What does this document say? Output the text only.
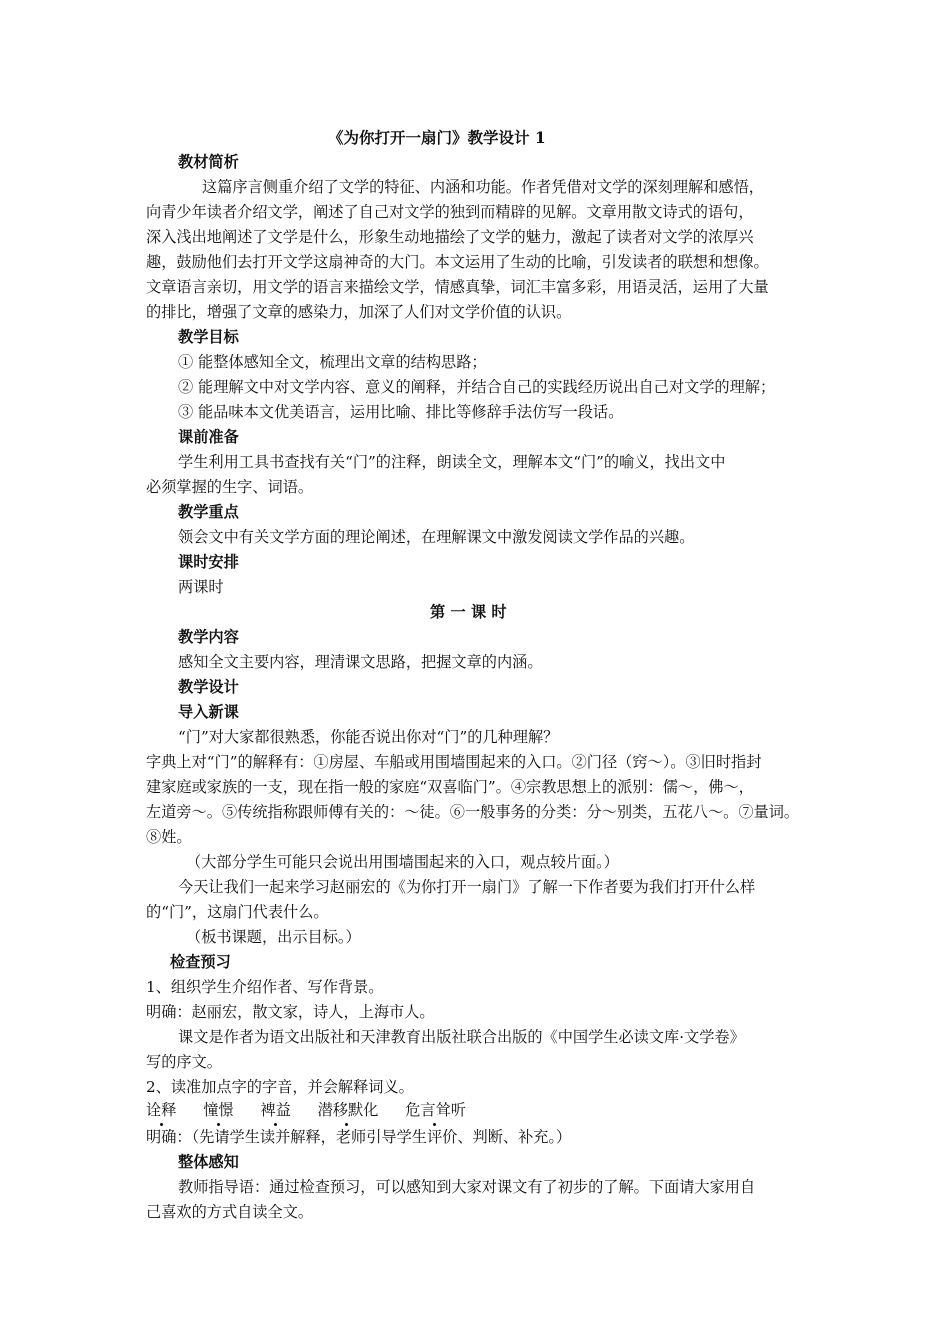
《为你打开一扇门》教学设计 1
教材简析
这篇序言侧重介绍了文学的特征、内涵和功能。作者凭借对文学的深刻理解和感悟，
向青少年读者介绍文学，阐述了自己对文学的独到而精辟的见解。文章用散文诗式的语句，
深入浅出地阐述了文学是什么，形象生动地描绘了文学的魅力，激起了读者对文学的浓厚兴
趣，鼓励他们去打开文学这扇神奇的大门。本文运用了生动的比喻，引发读者的联想和想像。
文章语言亲切，用文学的语言来描绘文学，情感真挚，词汇丰富多彩，用语灵活，运用了大量
的排比，增强了文章的感染力，加深了人们对文学价值的认识。
教学目标
① 能整体感知全文，梳理出文章的结构思路；
② 能理解文中对文学内容、意义的阐释，并结合自己的实践经历说出自己对文学的理解；
③ 能品味本文优美语言，运用比喻、排比等修辞手法仿写一段话。
课前准备
学生利用工具书查找有关“门”的注释，朗读全文，理解本文“门”的喻义，找出文中
必须掌握的生字、词语。
教学重点
领会文中有关文学方面的理论阐述，在理解课文中激发阅读文学作品的兴趣。
课时安排
两课时
第 一 课 时
教学内容
感知全文主要内容，理清课文思路，把握文章的内涵。
教学设计
导入新课
“门”对大家都很熟悉，你能否说出你对“门”的几种理解？
字典上对“门”的解释有：①房屋、车船或用围墙围起来的入口。②门径（窍～）。③旧时指封
建家庭或家族的一支，现在指一般的家庭“双喜临门”。④宗教思想上的派别：儒～，佛～，
左道旁～。⑤传统指称跟师傅有关的：～徒。⑥一般事务的分类：分～别类，五花八～。⑦量词。
⑧姓。
（大部分学生可能只会说出用围墙围起来的入口，观点较片面。）
今天让我们一起来学习赵丽宏的《为你打开一扇门》了解一下作者要为我们打开什么样
的“门”，这扇门代表什么。
（板书课题，出示目标。）
检查预习
1、组织学生介绍作者、写作背景。
明确：赵丽宏，散文家，诗人，上海市人。
课文是作者为语文出版社和天津教育出版社联合出版的《中国学生必读文库·文学卷》
写的序文。
2、读准加点字的字音，并会解释词义。
诠释 憧憬 裨益 潜移默化 危言耸听
明确：（先请学生读并解释，老师引导学生评价、判断、补充。）
整体感知
教师指导语：通过检查预习，可以感知到大家对课文有了初步的了解。下面请大家用自
己喜欢的方式自读全文。
